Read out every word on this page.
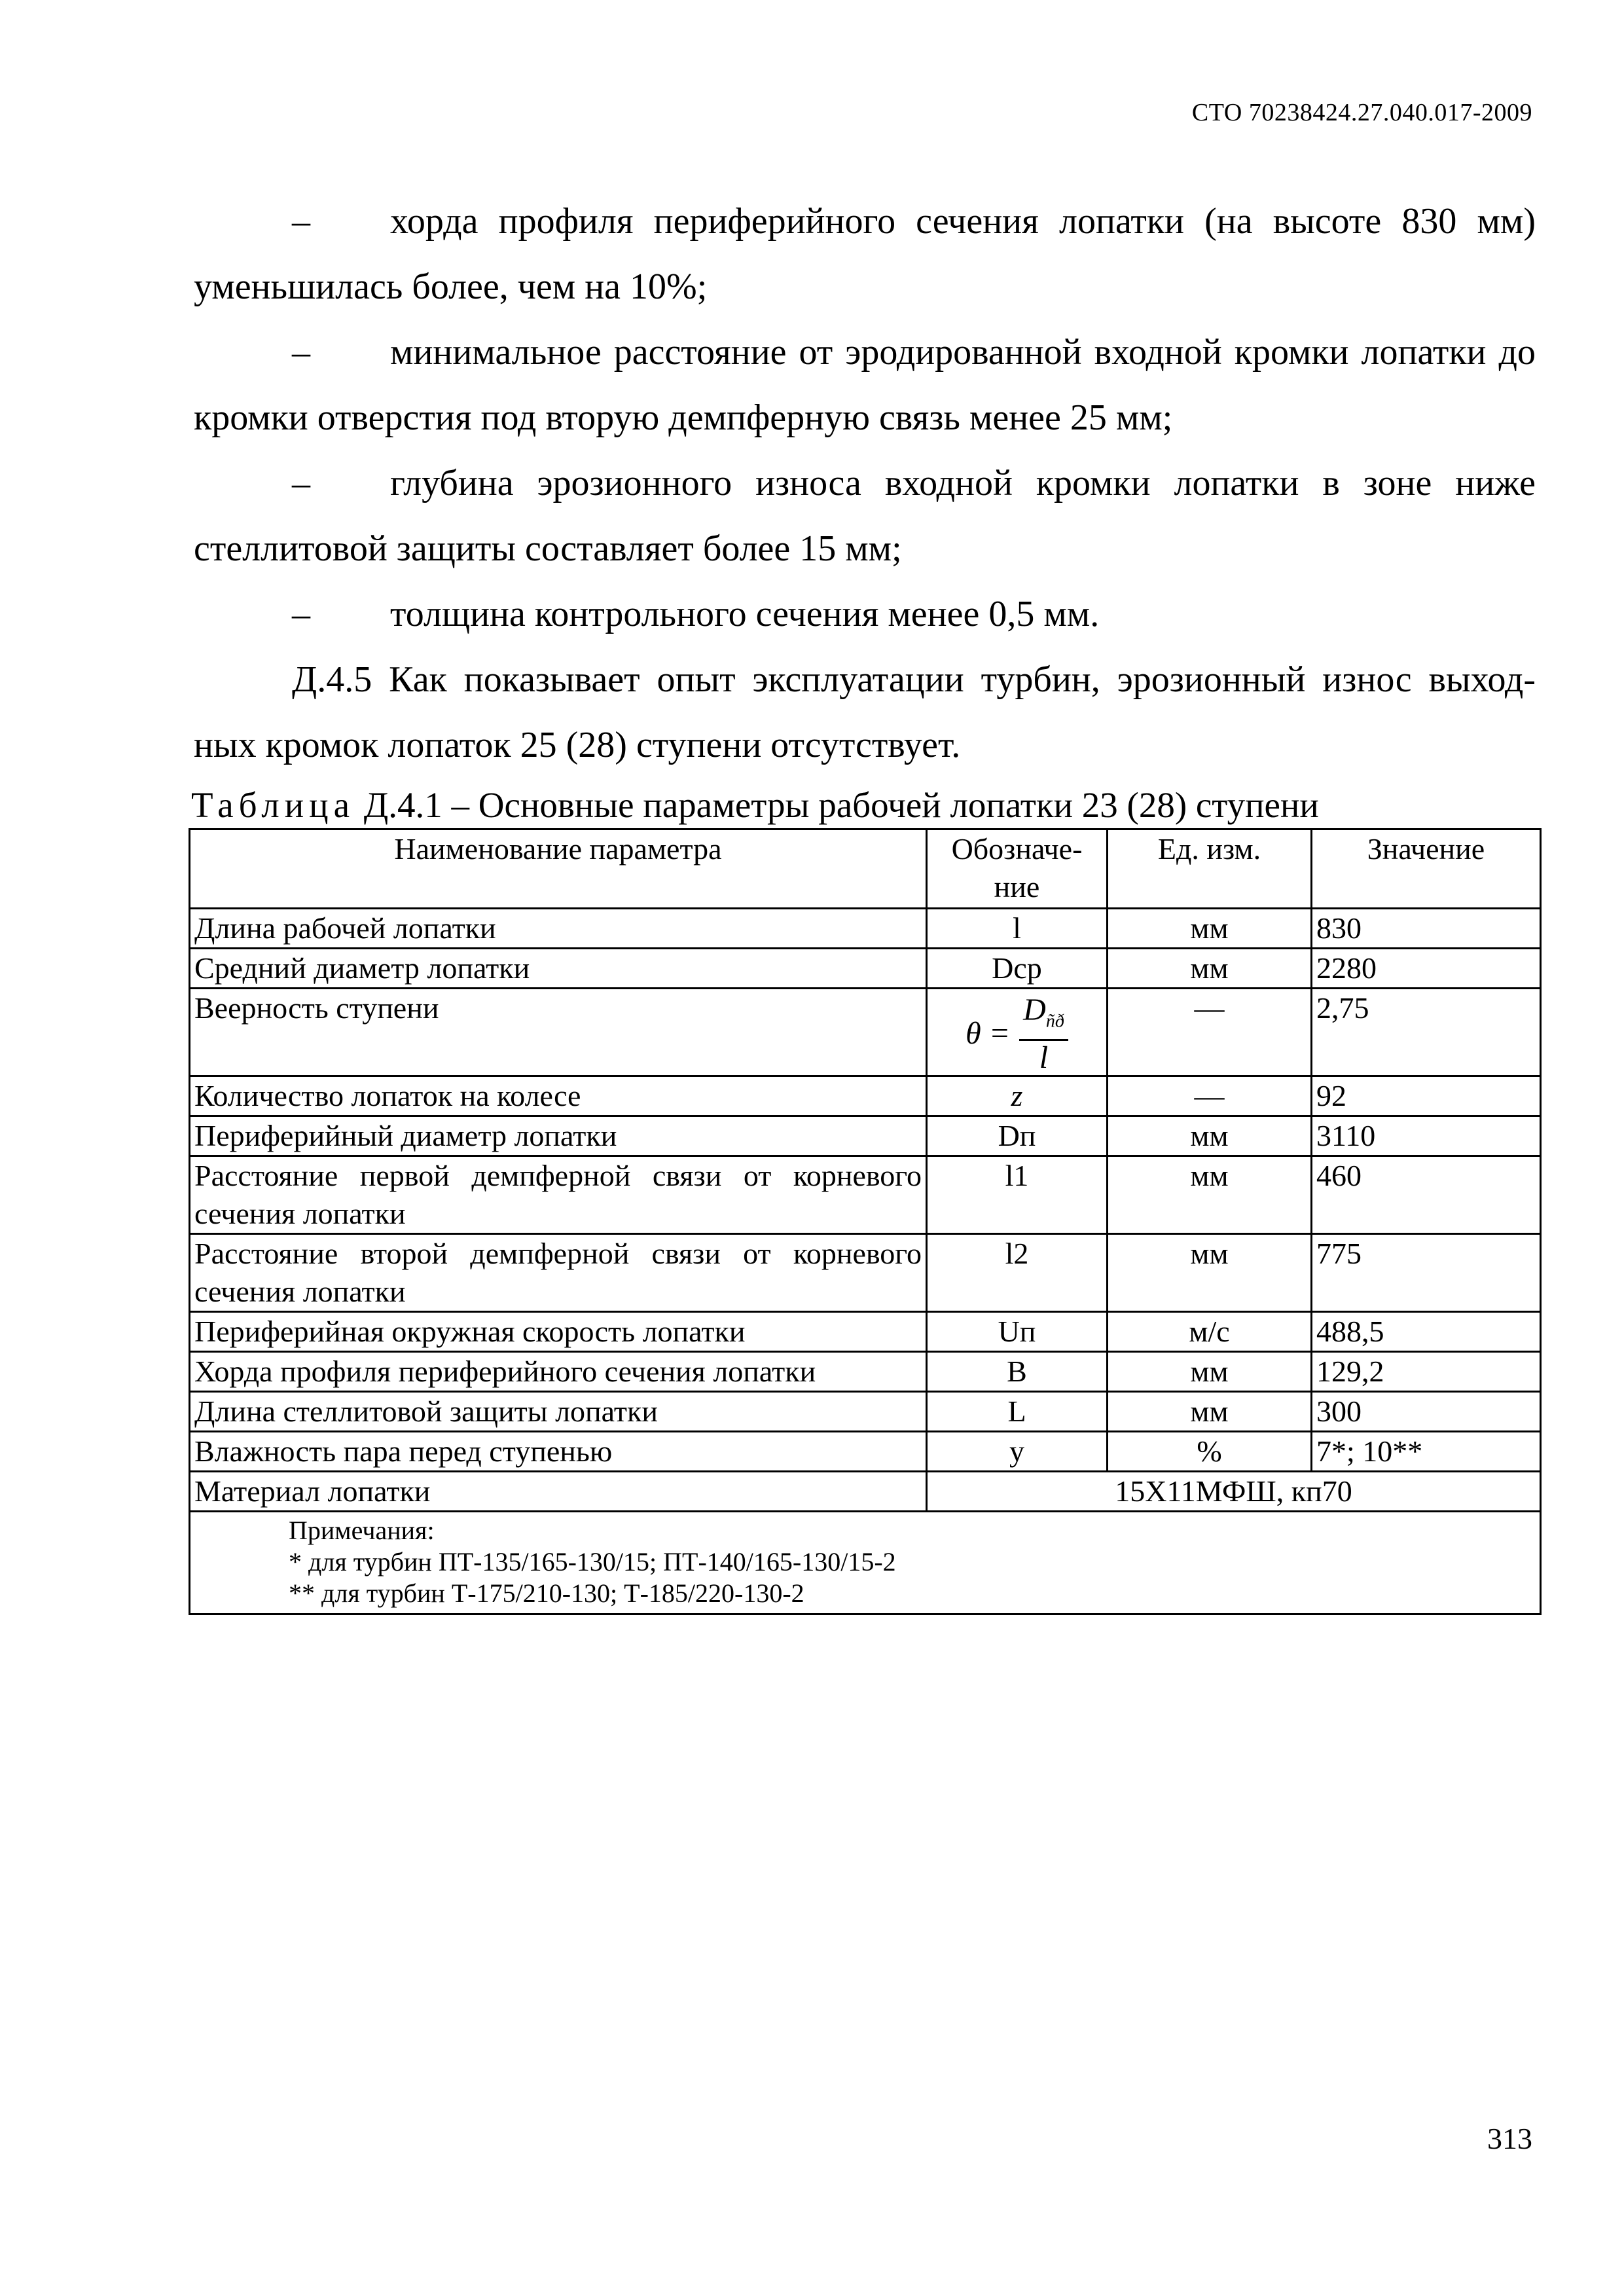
СТО 70238424.27.040.017-2009

– хорда профиля периферийного сечения лопатки (на высоте 830 мм) уменьшилась более, чем на 10%;

– минимальное расстояние от эродированной входной кромки лопатки до кромки отверстия под вторую демпферную связь менее 25 мм;

– глубина эрозионного износа входной кромки лопатки в зоне ниже стеллитовой защиты составляет более 15 мм;

– толщина контрольного сечения менее 0,5 мм.

Д.4.5 Как показывает опыт эксплуатации турбин, эрозионный износ выход-ных кромок лопаток 25 (28) ступени отсутствует.

Таблица Д.4.1 – Основные параметры рабочей лопатки 23 (28) ступени
Наименование параметра	Обозначе-ние	Ед. изм.	Значение
Длина рабочей лопатки	l	мм	830
Средний диаметр лопатки	Dср	мм	2280
Веерность ступени	$\theta = \frac{D_{ñð}}{l}$	—	2,75
Количество лопаток на колесе	z	—	92
Периферийный диаметр лопатки	Dп	мм	3110
Расстояние первой демпферной связи от корневого сечения лопатки	l1	мм	460
Расстояние второй демпферной связи от корневого сечения лопатки	l2	мм	775
Периферийная окружная скорость лопатки	Uп	м/с	488,5
Хорда профиля периферийного сечения лопатки	B	мм	129,2
Длина стеллитовой защиты лопатки	L	мм	300
Влажность пара перед ступенью	y	%	7*; 10**
Материал лопатки	15Х11МФШ, кп70		

Примечания:
* для турбин ПТ-135/165-130/15; ПТ-140/165-130/15-2
** для турбин Т-175/210-130; Т-185/220-130-2			
313
